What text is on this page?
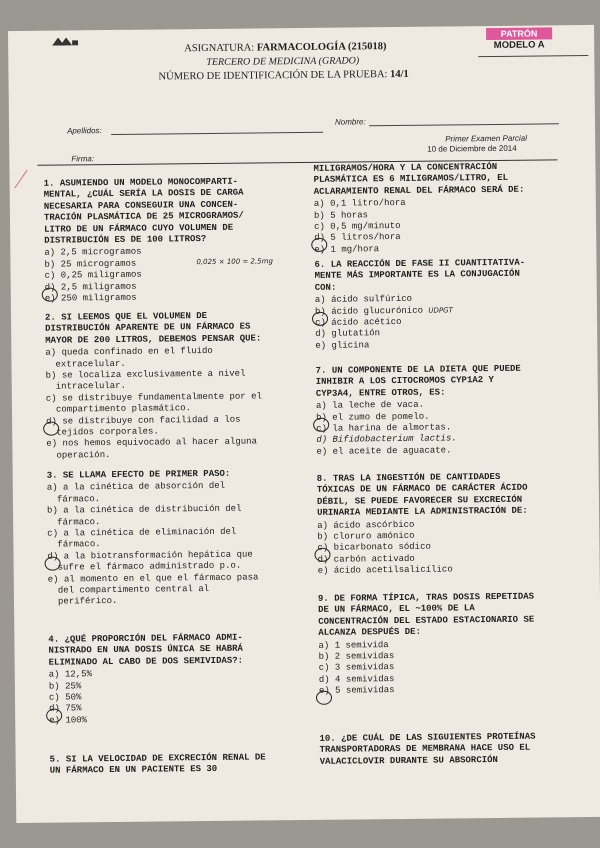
ASIGNATURA: FARMACOLOGÍA (215018)
TERCERO DE MEDICINA (GRADO)
NÚMERO DE IDENTIFICACIÓN DE LA PRUEBA: 14/1
PATRÓN
MODELO A
Apellidos:
Nombre:
Firma:
Primer Examen Parcial
10 de Diciembre de 2014

1. ASUMIENDO UN MODELO MONOCOMPARTI-
MENTAL, ¿CUÁL SERÍA LA DOSIS DE CARGA
NECESARIA PARA CONSEGUIR UNA CONCEN-
TRACIÓN PLASMÁTICA DE 25 MICROGRAMOS/
LITRO DE UN FÁRMACO CUYO VOLUMEN DE
DISTRIBUCIÓN ES DE 100 LITROS?

a) 2,5 microgramos

b) 25 microgramos

c) 0,25 miligramos

d) 2,5 miligramos

e) 250 miligramos

0,025 × 100 = 2,5mg

2. SI LEEMOS QUE EL VOLUMEN DE
DISTRIBUCIÓN APARENTE DE UN FÁRMACO ES
MAYOR DE 200 LITROS, DEBEMOS PENSAR QUE:

a) queda confinado en el fluido
extracelular.

b) se localiza exclusivamente a nivel
intracelular.

c) se distribuye fundamentalmente por el
compartimento plasmático.

d) se distribuye con facilidad a los
tejidos corporales.

e) nos hemos equivocado al hacer alguna
operación.

3. SE LLAMA EFECTO DE PRIMER PASO:

a) a la cinética de absorción del
fármaco.

b) a la cinética de distribución del
fármaco.

c) a la cinética de eliminación del
fármaco.

d) a la biotransformación hepática que
sufre el fármaco administrado p.o.

e) al momento en el que el fármaco pasa
del compartimento central al
periférico.

4. ¿QUÉ PROPORCIÓN DEL FÁRMACO ADMI-
NISTRADO EN UNA DOSIS ÚNICA SE HABRÁ
ELIMINADO AL CABO DE DOS SEMIVIDAS?:

a) 12,5%

b) 25%

c) 50%

d) 75%

e) 100%

5. SI LA VELOCIDAD DE EXCRECIÓN RENAL DE
UN FÁRMACO EN UN PACIENTE ES 30

MILIGRAMOS/HORA Y LA CONCENTRACIÓN
PLASMÁTICA ES 6 MILIGRAMOS/LITRO, EL
ACLARAMIENTO RENAL DEL FÁRMACO SERÁ DE:

a) 0,1 litro/hora

b) 5 horas

c) 0,5 mg/minuto

d) 5 litros/hora

e) 1 mg/hora

6. LA REACCIÓN DE FASE II CUANTITATIVA-
MENTE MÁS IMPORTANTE ES LA CONJUGACIÓN
CON:

a) ácido sulfúrico

b) ácido glucurónico UDPGT

c) ácido acético

d) glutatión

e) glicina

7. UN COMPONENTE DE LA DIETA QUE PUEDE
INHIBIR A LOS CITOCROMOS CYP1A2 Y
CYP3A4, ENTRE OTROS, ES:

a) la leche de vaca.

b) el zumo de pomelo.

c) la harina de almortas.

d) Bifidobacterium lactis.

e) el aceite de aguacate.

8. TRAS LA INGESTIÓN DE CANTIDADES
TÓXICAS DE UN FÁRMACO DE CARÁCTER ÁCIDO
DÉBIL, SE PUEDE FAVORECER SU EXCRECIÓN
URINARIA MEDIANTE LA ADMINISTRACIÓN DE:

a) ácido ascórbico

b) cloruro amónico

c) bicarbonato sódico

d) carbón activado

e) ácido acetilsalicílico

9. DE FORMA TÍPICA, TRAS DOSIS REPETIDAS
DE UN FÁRMACO, EL ~100% DE LA
CONCENTRACIÓN DEL ESTADO ESTACIONARIO SE
ALCANZA DESPUÉS DE:

a) 1 semivida

b) 2 semividas

c) 3 semividas

d) 4 semividas

e) 5 semividas

10. ¿DE CUÁL DE LAS SIGUIENTES PROTEÍNAS
TRANSPORTADORAS DE MEMBRANA HACE USO EL
VALACICLOVIR DURANTE SU ABSORCIÓN
